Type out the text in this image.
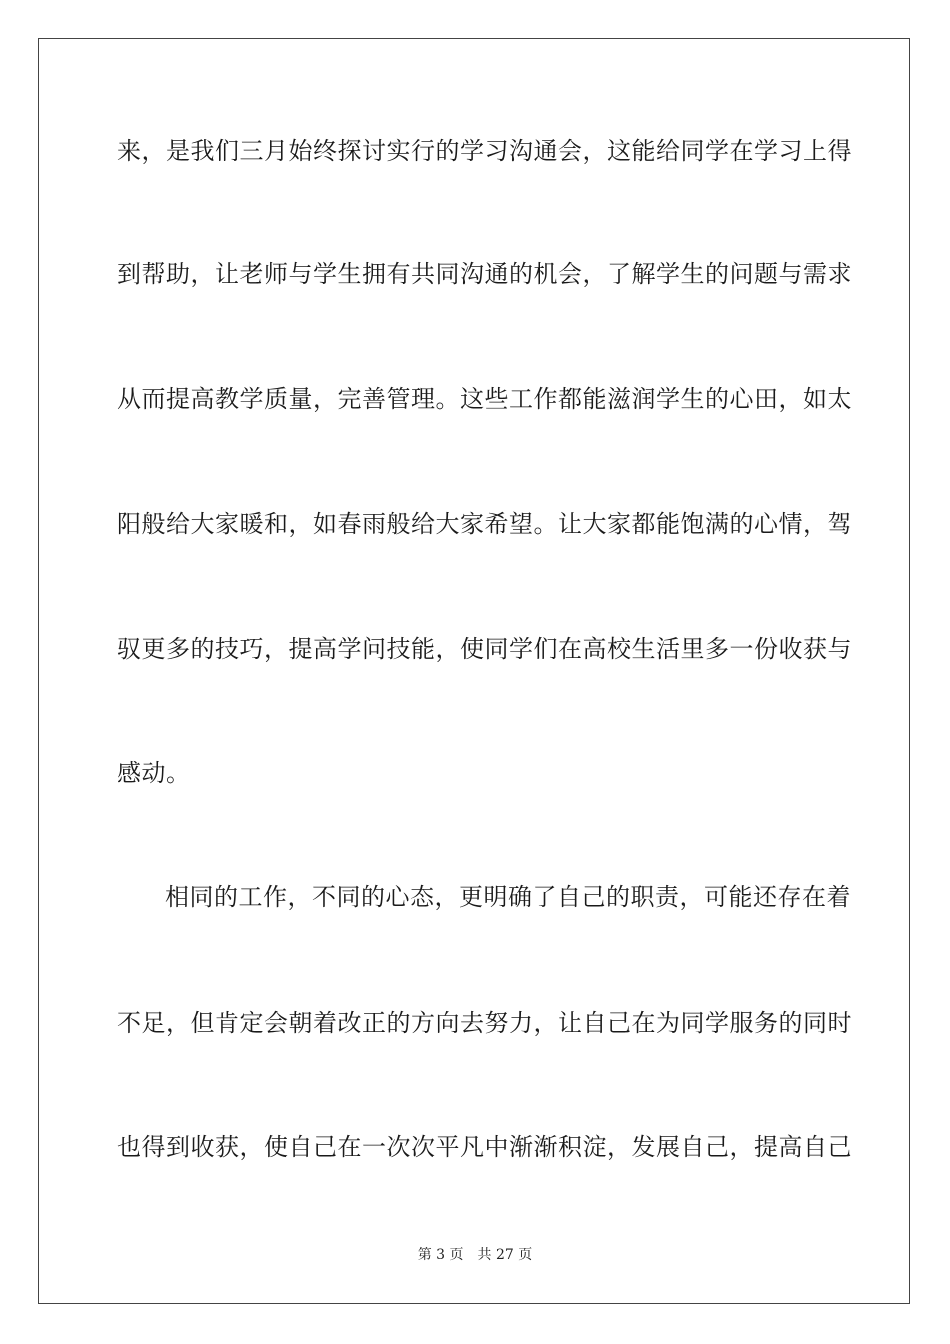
来，是我们三月始终探讨实行的学习沟通会，这能给同学在学习上得
到帮助，让老师与学生拥有共同沟通的机会，了解学生的问题与需求
从而提高教学质量，完善管理。这些工作都能滋润学生的心田，如太
阳般给大家暖和，如春雨般给大家希望。让大家都能饱满的心情，驾
驭更多的技巧，提高学问技能，使同学们在高校生活里多一份收获与
感动。
相同的工作，不同的心态，更明确了自己的职责，可能还存在着
不足，但肯定会朝着改正的方向去努力，让自己在为同学服务的同时
也得到收获，使自己在一次次平凡中渐渐积淀，发展自己，提高自己
第 3 页 共 27 页
